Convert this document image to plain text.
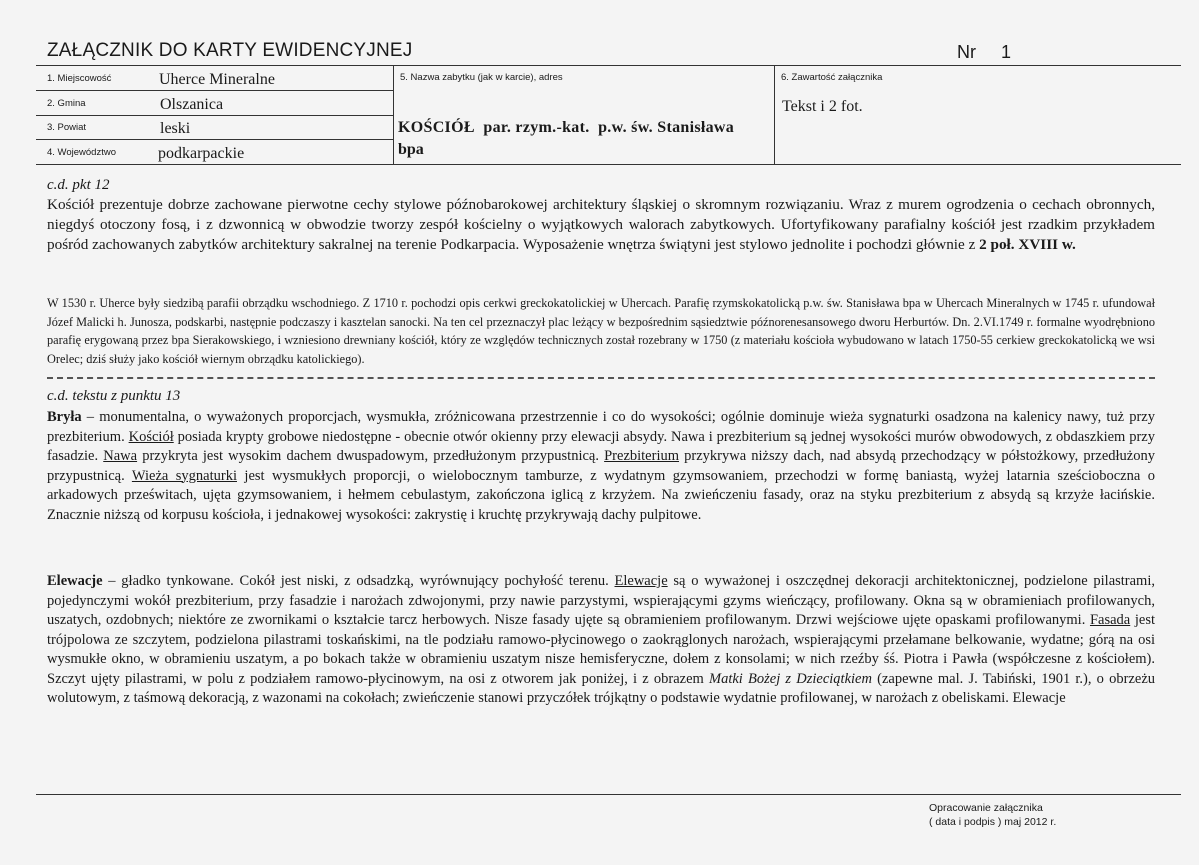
ZAŁĄCZNIK DO KARTY EWIDENCYJNEJ	Nr 1
1. Miejscowość	Uherce Mineralne
2. Gmina	Olszanica
3. Powiat	leski
4. Województwo	podkarpackie
5. Nazwa zabytku (jak w karcie), adres
KOŚCIÓŁ  par. rzym.-kat.  p.w. św. Stanisława
bpa
6. Zawartość załącznika
Tekst i 2 fot.
c.d. pkt 12

Kościół prezentuje dobrze zachowane pierwotne cechy stylowe późnobarokowej architektury śląskiej o skromnym rozwiązaniu. Wraz z murem ogrodzenia o cechach obronnych, niegdyś otoczony fosą, i z dzwonnicą w obwodzie tworzy zespół kościelny o wyjątkowych walorach zabytkowych. Ufortyfikowany parafialny kościół jest rzadkim przykładem pośród zachowanych zabytków architektury sakralnej na terenie Podkarpacia. Wyposażenie wnętrza świątyni jest stylowo jednolite i pochodzi głównie z 2 poł. XVIII w.

W 1530 r. Uherce były siedzibą parafii obrządku wschodniego. Z 1710 r. pochodzi opis cerkwi greckokatolickiej w Uhercach. Parafię rzymskokatolicką p.w. św. Stanisława bpa w Uhercach Mineralnych w 1745 r. ufundował Józef Malicki h. Junosza, podskarbi, następnie podczaszy i kasztelan sanocki. Na ten cel przeznaczył plac leżący w bezpośrednim sąsiedztwie późnorenesansowego dworu Herburtów. Dn. 2.VI.1749 r. formalne wyodrębniono parafię erygowaną przez bpa Sierakowskiego, i wzniesiono drewniany kościół, który ze względów technicznych został rozebrany w 1750 (z materiału kościoła wybudowano w latach 1750-55 cerkiew greckokatolicką we wsi Orelec; dziś służy jako kościół wiernym obrządku katolickiego).
c.d. tekstu z punktu 13

Bryła – monumentalna, o wyważonych proporcjach, wysmukła, zróżnicowana przestrzennie i co do wysokości; ogólnie dominuje wieża sygnaturki osadzona na kalenicy nawy, tuż przy prezbiterium. Kościół posiada krypty grobowe niedostępne - obecnie otwór okienny przy elewacji absydy. Nawa i prezbiterium są jednej wysokości murów obwodowych, z obdaszkiem przy fasadzie. Nawa przykryta jest wysokim dachem dwuspadowym, przedłużonym przypustnicą. Prezbiterium przykrywa niższy dach, nad absydą przechodzący w półstożkowy, przedłużony przypustnicą. Wieża sygnaturki jest wysmukłych proporcji, o wielobocznym tamburze, z wydatnym gzymsowaniem, przechodzi w formę baniastą, wyżej latarnia sześcioboczna o arkadowych prześwitach, ujęta gzymsowaniem, i hełmem cebulastym, zakończona iglicą z krzyżem. Na zwieńczeniu fasady, oraz na styku prezbiterium z absydą są krzyże łacińskie. Znacznie niższą od korpusu kościoła, i jednakowej wysokości: zakrystię i kruchtę przykrywają dachy pulpitowe.

Elewacje – gładko tynkowane. Cokół jest niski, z odsadzką, wyrównujący pochyłość terenu. Elewacje są o wyważonej i oszczędnej dekoracji architektonicznej, podzielone pilastrami, pojedynczymi wokół prezbiterium, przy fasadzie i narożach zdwojonymi, przy nawie parzystymi, wspierającymi gzyms wieńczący, profilowany. Okna są w obramieniach profilowanych, uszatych, ozdobnych; niektóre ze zwornikami o kształcie tarcz herbowych. Nisze fasady ujęte są obramieniem profilowanym. Drzwi wejściowe ujęte opaskami profilowanymi. Fasada jest trójpolowa ze szczytem, podzielona pilastrami toskańskimi, na tle podziału ramowo-płycinowego o zaokrąglonych narożach, wspierającymi przełamane belkowanie, wydatne; górą na osi wysmukłe okno, w obramieniu uszatym, a po bokach także w obramieniu uszatym nisze hemisferyczne, dołem z konsolami; w nich rzeźby śś. Piotra i Pawła (współczesne z kościołem). Szczyt ujęty pilastrami, w polu z podziałem ramowo-płycinowym, na osi z otworem jak poniżej, i z obrazem Matki Bożej z Dzieciątkiem (zapewne mal. J. Tabiński, 1901 r.), o obrzeżu wolutowym, z taśmową dekoracją, z wazonami na cokołach; zwieńczenie stanowi przyczółek trójkątny o podstawie wydatnie profilowanej, w narożach z obeliskami. Elewacje

Opracowanie załącznika
( data i podpis ) maj 2012 r.
